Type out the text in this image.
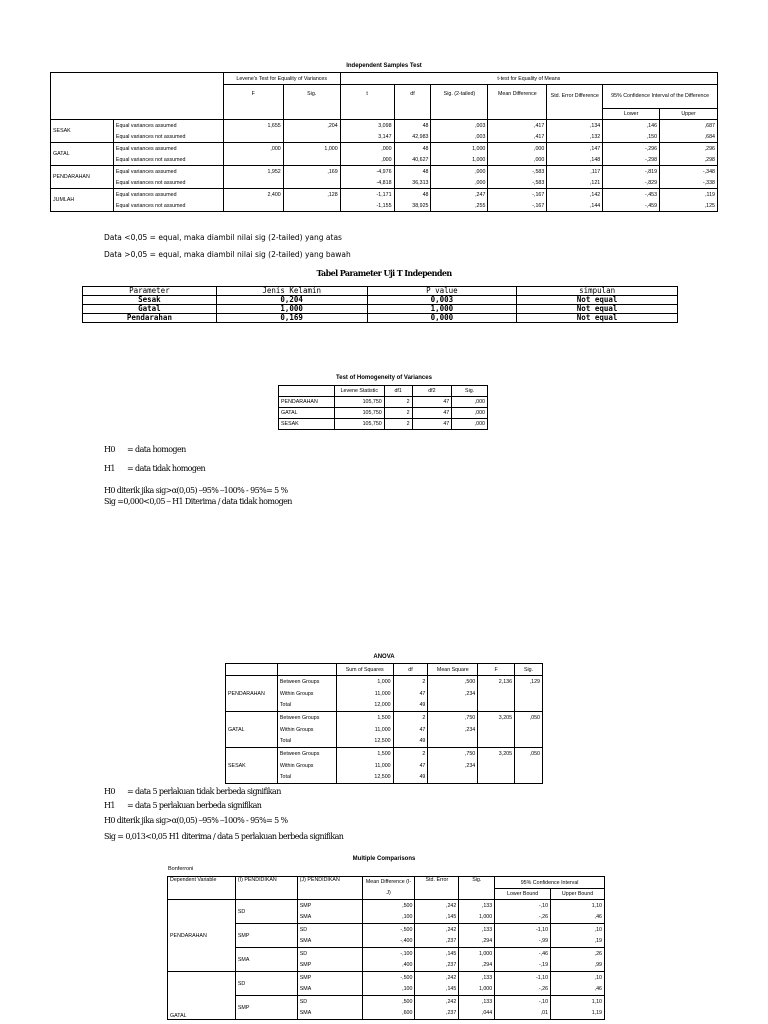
Independent Samples Test
		Levene's Test for Equality of Variances		t-test for Equality of Means						
		F	Sig.	t	df	Sig. (2-tailed)	Mean Difference	Std. Error Difference	95% Confidence Interval of the Difference	
									Lower	Upper
SESAK	Equal variances assumed	1,655	,204	3,098	48	,003	,417	,134	,146	,687
	Equal variances not assumed			3,147	42,983	,003	,417	,132	,150	,684
GATAL	Equal variances assumed	,000	1,000	,000	48	1,000	,000	,147	-,296	,296
	Equal variances not assumed			,000	40,627	1,000	,000	,148	-,298	,298
PENDARAHAN	Equal variances assumed	1,952	,169	-4,976	48	,000	-,583	,117	-,819	-,348
	Equal variances not assumed			-4,818	36,313	,000	-,583	,121	-,829	-,338
JUMLAH	Equal variances assumed	2,400	,128	-1,171	48	,247	-,167	,142	-,453	,119
	Equal variances not assumed			-1,155	38,925	,255	-,167	,144	-,459	,125
Data <0,05 = equal, maka diambil nilai sig (2-tailed) yang atas
Data >0,05 = equal, maka diambil nilai sig (2-tailed) yang bawah
Tabel Parameter Uji T Independen
Parameter	Jenis Kelamin	P value	simpulan
Sesak	0,204	0,003	Not equal
Gatal	1,000	1,000	Not equal
Pendarahan	0,169	0,000	Not equal
Test of Homogeneity of Variances
	Levene Statistic	df1	df2	Sig.
PENDARAHAN	105,750	2	47	,000
GATAL	105,750	2	47	,000
SESAK	105,750	2	47	,000
H0 = data homogen
H1 = data tidak homogen
H0 diterik jika sig>α(0,05) ⎯95% ⎯100% - 95%= 5 %
Sig =0,000<0,05 ⎯ H1 Diterima / data tidak homogen
ANOVA
		Sum of Squares	df	Mean Square	F	Sig.
PENDARAHAN	Between Groups	1,000	2	,500	2,136	,129
	Within Groups	11,000	47	,234		
	Total	12,000	49			
GATAL	Between Groups	1,500	2	,750	3,205	,050
	Within Groups	11,000	47	,234		
	Total	12,500	49			
SESAK	Between Groups	1,500	2	,750	3,205	,050
	Within Groups	11,000	47	,234		
	Total	12,500	49			
H0 = data 5 perlakuan tidak berbeda signifikan
H1 = data 5 perlakuan berbeda signifikan
H0 diterik jika sig>α(0,05) ⎯95% ⎯100% - 95%= 5 %
Sig = 0,013<0,05 H1 diterima / data 5 perlakuan berbeda signifikan
Multiple Comparisons
Bonferroni
Dependent Variable	(I) PENDIDIKAN	(J) PENDIDIKAN	Mean Difference (I-J)	Std. Error	Sig.	95% Confidence Interval	
						Lower Bound	Upper Bound
PENDARAHAN	SD	SMP	,500	,242	,133	-,10	1,10
		SMA	,100	,145	1,000	-,26	,46
	SMP	SD	-,500	,242	,133	-1,10	,10
		SMA	-,400	,237	,294	-,99	,19
	SMA	SD	-,100	,145	1,000	-,46	,26
		SMP	,400	,237	,294	-,19	,99
GATAL	SD	SMP	-,500	,242	,133	-1,10	,10
		SMA	,100	,145	1,000	-,26	,46
	SMP	SD	,500	,242	,133	-,10	1,10
		SMA	,600	,237	,044	,01	1,19
